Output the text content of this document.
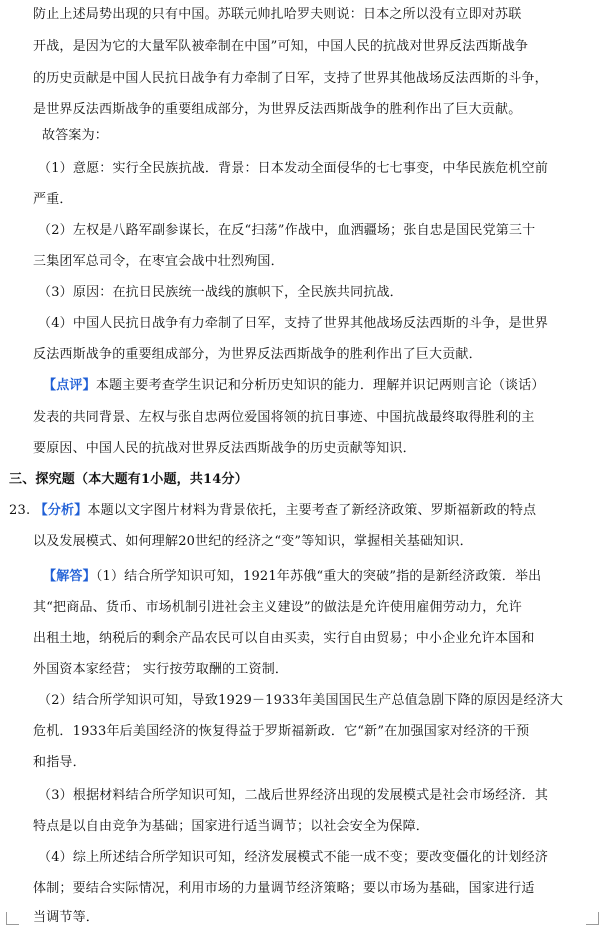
防止上述局势出现的只有中国。苏联元帅扎哈罗夫则说：日本之所以没有立即对苏联
开战，是因为它的大量军队被牵制在中国”可知，中国人民的抗战对世界反法西斯战争
的历史贡献是中国人民抗日战争有力牵制了日军，支持了世界其他战场反法西斯的斗争，
是世界反法西斯战争的重要组成部分，为世界反法西斯战争的胜利作出了巨大贡献。
故答案为：
（1）意愿：实行全民族抗战．背景：日本发动全面侵华的七七事变，中华民族危机空前
严重．
（2）左权是八路军副参谋长，在反“扫荡”作战中，血洒疆场；张自忠是国民党第三十
三集团军总司令，在枣宜会战中壮烈殉国．
（3）原因：在抗日民族统一战线的旗帜下，全民族共同抗战．
（4）中国人民抗日战争有力牵制了日军，支持了世界其他战场反法西斯的斗争，是世界
反法西斯战争的重要组成部分，为世界反法西斯战争的胜利作出了巨大贡献．
【点评】本题主要考查学生识记和分析历史知识的能力．理解并识记两则言论（谈话）
发表的共同背景、左权与张自忠两位爱国将领的抗日事迹、中国抗战最终取得胜利的主
要原因、中国人民的抗战对世界反法西斯战争的历史贡献等知识．
三、探究题（本大题有1小题，共14分）
23. 【分析】本题以文字图片材料为背景依托，主要考查了新经济政策、罗斯福新政的特点
以及发展模式、如何理解20世纪的经济之“变”等知识，掌握相关基础知识．
【解答】（1）结合所学知识可知，1921年苏俄“重大的突破”指的是新经济政策．举出
其“把商品、货币、市场机制引进社会主义建设”的做法是允许使用雇佣劳动力，允许
出租土地，纳税后的剩余产品农民可以自由买卖，实行自由贸易；中小企业允许本国和
外国资本家经营； 实行按劳取酬的工资制．
（2）结合所学知识可知，导致1929－1933年美国国民生产总值急剧下降的原因是经济大
危机．1933年后美国经济的恢复得益于罗斯福新政．它“新”在加强国家对经济的干预
和指导．
（3）根据材料结合所学知识可知，二战后世界经济出现的发展模式是社会市场经济．其
特点是以自由竞争为基础；国家进行适当调节；以社会安全为保障．
（4）综上所述结合所学知识可知，经济发展模式不能一成不变；要改变僵化的计划经济
体制；要结合实际情况，利用市场的力量调节经济策略；要以市场为基础，国家进行适
当调节等．
